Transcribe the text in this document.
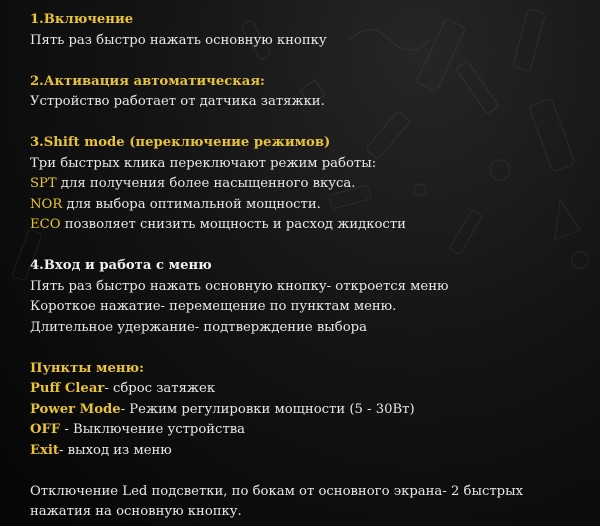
1.Включение
Пять раз быстро нажать основную кнопку
2.Активация автоматическая:
Устройство работает от датчика затяжки.
3.Shift mode (переключение режимов)
Три быстрых клика переключают режим работы:
SPT для получения более насыщенного вкуса.
NOR для выбора оптимальной мощности.
ECO позволяет снизить мощность и расход жидкости
4.Вход и работа с меню
Пять раз быстро нажать основную кнопку- откроется меню
Короткое нажатие- перемещение по пунктам меню.
Длительное удержание- подтверждение выбора
Пункты меню:
Puff Clear- сброс затяжек
Power Mode- Режим регулировки мощности (5 - 30Вт)
OFF - Выключение устройства
Exit- выход из меню
Отключение Led подсветки, по бокам от основного экрана- 2 быстрых
нажатия на основную кнопку.
